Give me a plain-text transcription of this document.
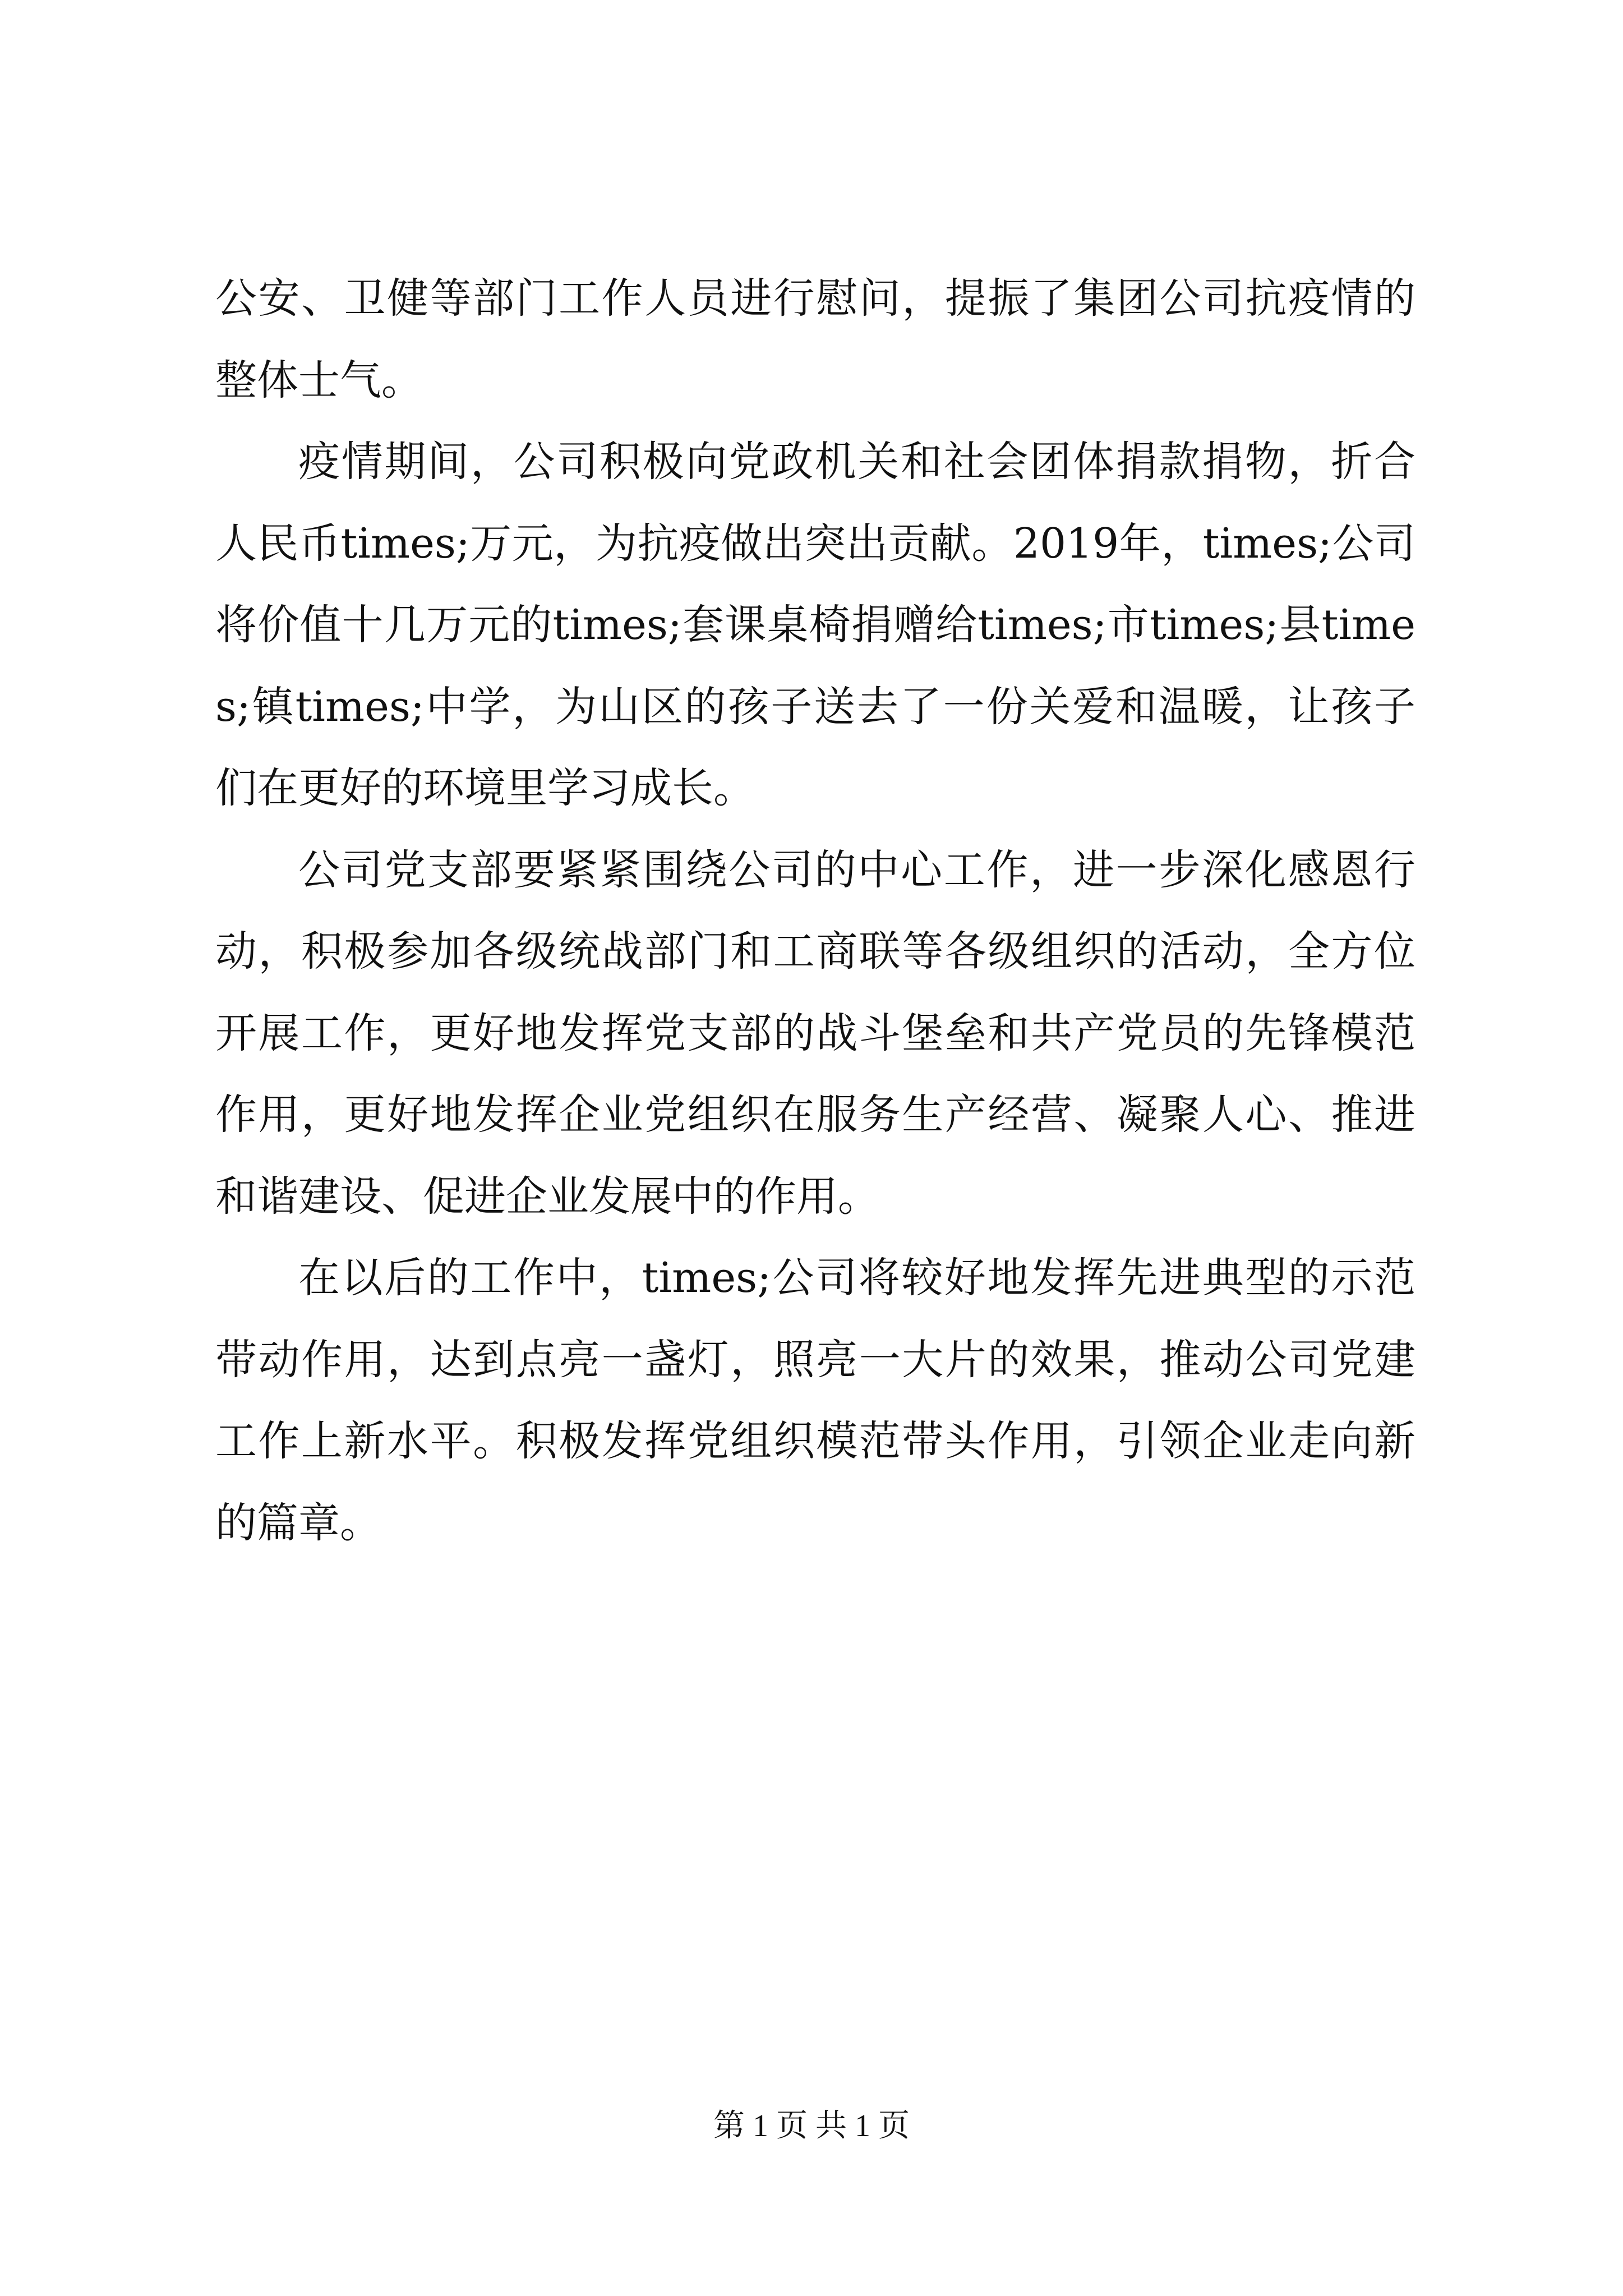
公安、卫健等部门工作人员进行慰问，提振了集团公司抗疫情的整体士气。

疫情期间，公司积极向党政机关和社会团体捐款捐物，折合人民币times;万元，为抗疫做出突出贡献。2019年，times;公司将价值十几万元的times;套课桌椅捐赠给times;市times;县times;镇times;中学，为山区的孩子送去了一份关爱和温暖，让孩子们在更好的环境里学习成长。

公司党支部要紧紧围绕公司的中心工作，进一步深化感恩行动，积极参加各级统战部门和工商联等各级组织的活动，全方位开展工作，更好地发挥党支部的战斗堡垒和共产党员的先锋模范作用，更好地发挥企业党组织在服务生产经营、凝聚人心、推进和谐建设、促进企业发展中的作用。

在以后的工作中，times;公司将较好地发挥先进典型的示范带动作用，达到点亮一盏灯，照亮一大片的效果，推动公司党建工作上新水平。积极发挥党组织模范带头作用，引领企业走向新的篇章。

第 1 页 共 1 页
